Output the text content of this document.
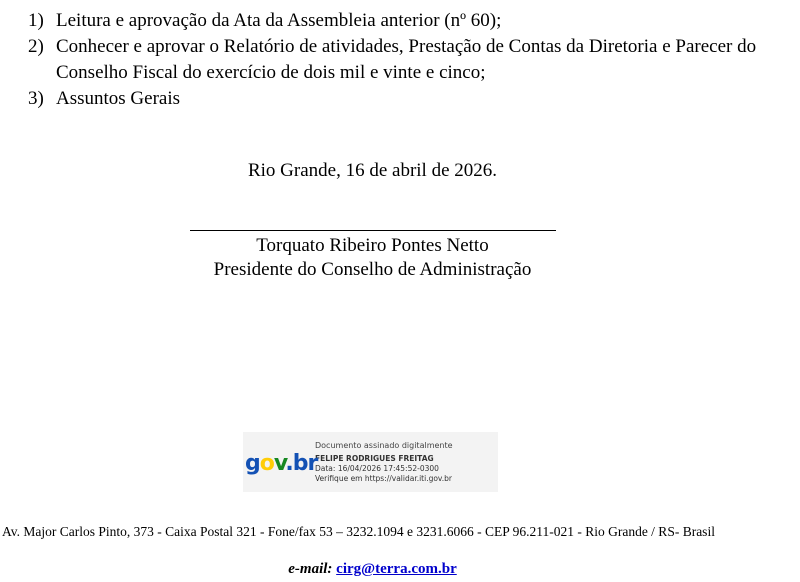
1) Leitura e aprovação da Ata da Assembleia anterior (nº 60);
2) Conhecer e aprovar o Relatório de atividades, Prestação de Contas da Diretoria e Parecer do Conselho Fiscal do exercício de dois mil e vinte e cinco;
3) Assuntos Gerais
Rio Grande, 16 de abril de 2026.
Torquato Ribeiro Pontes Netto
Presidente do Conselho de Administração
gov.br
Documento assinado digitalmente
FELIPE RODRIGUES FREITAG
Data: 16/04/2026 17:45:52-0300
Verifique em https://validar.iti.gov.br
Av. Major Carlos Pinto, 373 - Caixa Postal 321 - Fone/fax 53 – 3232.1094 e 3231.6066 - CEP 96.211-021 - Rio Grande / RS- Brasil
e-mail: cirg@terra.com.br
